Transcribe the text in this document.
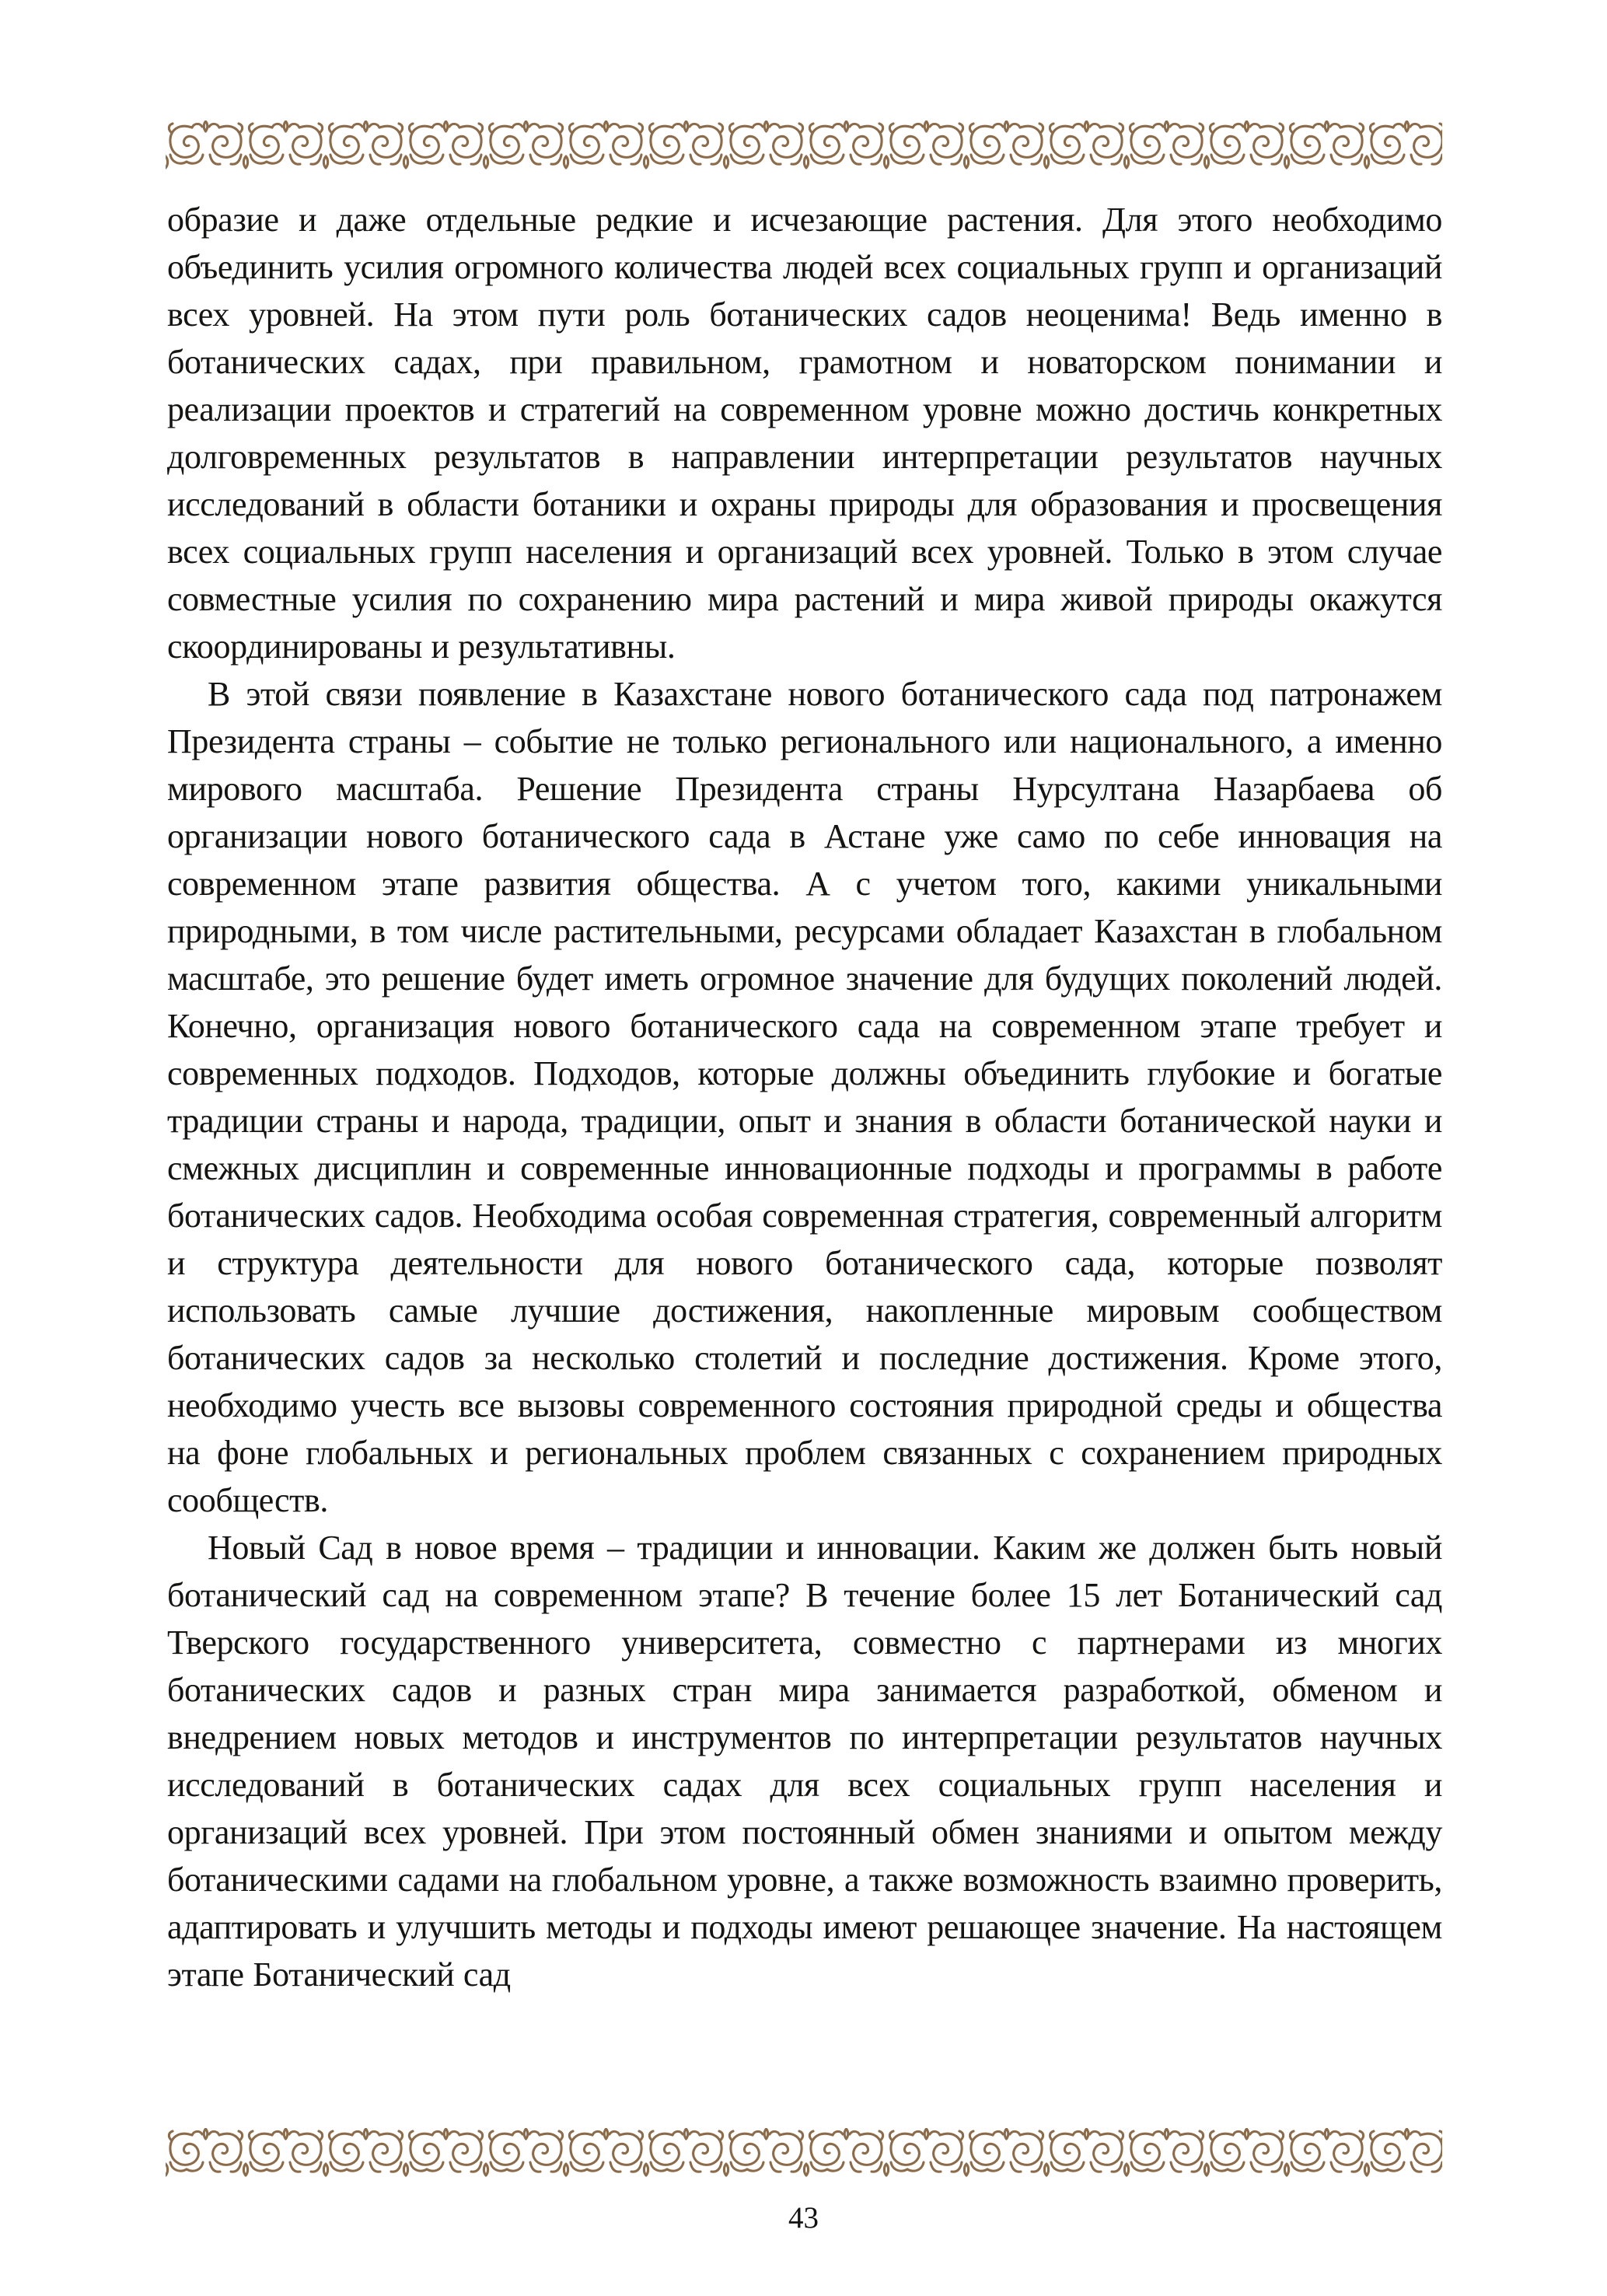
образие и даже отдельные редкие и исчезающие растения. Для этого необходимо объединить усилия огромного количества людей всех социальных групп и организаций всех уровней. На этом пути роль ботанических садов неоценима! Ведь именно в ботанических садах, при правильном, грамотном и новаторском понимании и реализации проектов и стратегий на современном уровне можно достичь конкретных долговременных результатов в направлении интерпретации результатов научных исследований в области ботаники и охраны природы для образования и просвещения всех социальных групп населения и организаций всех уровней. Только в этом случае совместные усилия по сохранению мира растений и мира живой природы окажутся скоординированы и результативны.

В этой связи появление в Казахстане нового ботанического сада под патронажем Президента страны – событие не только регионального или национального, а именно мирового масштаба. Решение Президента страны Нурсултана Назарбаева об организации нового ботанического сада в Астане уже само по себе инновация на современном этапе развития общества. А с учетом того, какими уникальными природными, в том числе растительными, ресурсами обладает Казахстан в глобальном масштабе, это решение будет иметь огромное значение для будущих поколений людей. Конечно, организация нового ботанического сада на современном этапе требует и современных подходов. Подходов, которые должны объединить глубокие и богатые традиции страны и народа, традиции, опыт и знания в области ботанической науки и смежных дисциплин и современные инновационные подходы и программы в работе ботанических садов. Необходима особая современная стратегия, современный алгоритм и структура деятельности для нового ботанического сада, которые позволят использовать самые лучшие достижения, накопленные мировым сообществом ботанических садов за несколько столетий и последние достижения. Кроме этого, необходимо учесть все вызовы современного состояния природной среды и общества на фоне глобальных и региональных проблем связанных с сохранением природных сообществ.

Новый Сад в новое время – традиции и инновации. Каким же должен быть новый ботанический сад на современном этапе? В течение более 15 лет Ботанический сад Тверского государственного университета, совместно с партнерами из многих ботанических садов и разных стран мира занимается разработкой, обменом и внедрением новых методов и инструментов по интерпретации результатов научных исследований в ботанических садах для всех социальных групп населения и организаций всех уровней. При этом постоянный обмен знаниями и опытом между ботаническими садами на глобальном уровне, а также возможность взаимно проверить, адаптировать и улучшить методы и подходы имеют решающее значение. На настоящем этапе Ботанический сад

43
